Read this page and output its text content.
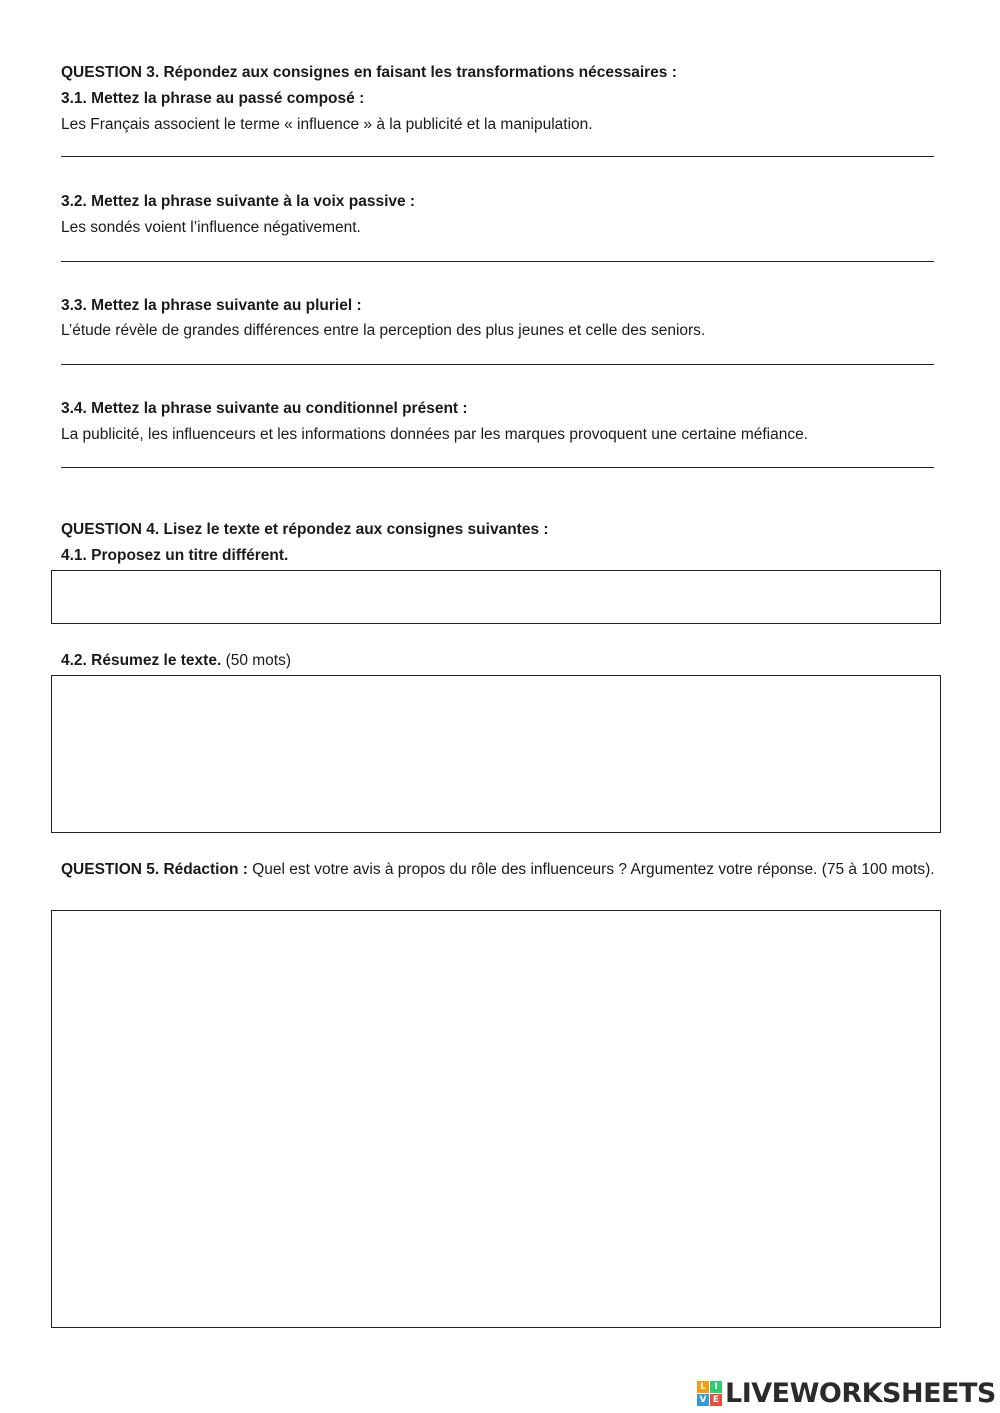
QUESTION 3. Répondez aux consignes en faisant les transformations nécessaires :

3.1. Mettez la phrase au passé composé :

Les Français associent le terme « influence » à la publicité et la manipulation.

3.2. Mettez la phrase suivante à la voix passive :

Les sondés voient l’influence négativement.

3.3. Mettez la phrase suivante au pluriel :

L’étude révèle de grandes différences entre la perception des plus jeunes et celle des seniors.

3.4. Mettez la phrase suivante au conditionnel présent :

La publicité, les influenceurs et les informations données par les marques provoquent une certaine méfiance.

QUESTION 4. Lisez le texte et répondez aux consignes suivantes :

4.1. Proposez un titre différent.

4.2. Résumez le texte. (50 mots)

QUESTION 5. Rédaction : Quel est votre avis à propos du rôle des influenceurs ? Argumentez votre réponse. (75 à 100 mots).

L I
V E LIVEWORKSHEETS
